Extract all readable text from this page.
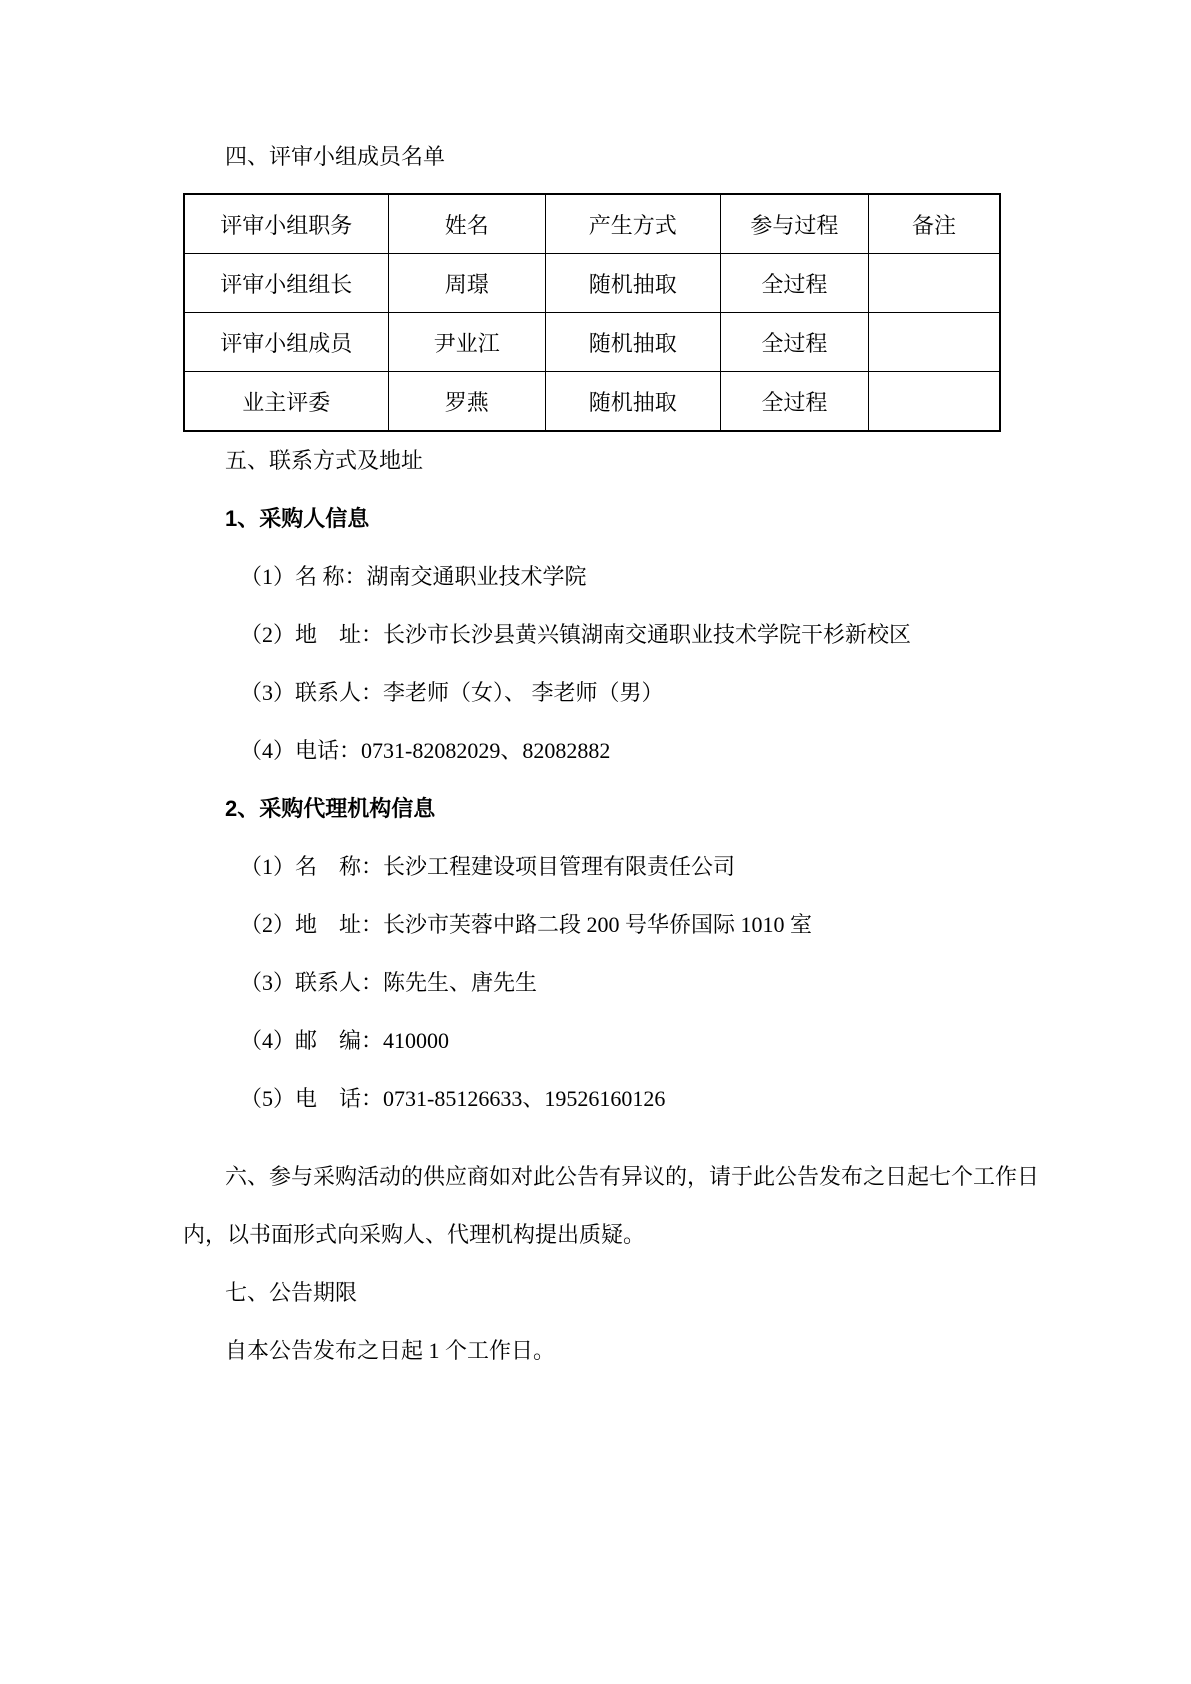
四、评审小组成员名单

评审小组职务	姓名	产生方式	参与过程	备注
评审小组组长	周璟	随机抽取	全过程	
评审小组成员	尹业江	随机抽取	全过程	
业主评委	罗燕	随机抽取	全过程	

五、联系方式及地址

1、采购人信息

（1）名 称：湖南交通职业技术学院

（2）地　址：长沙市长沙县黄兴镇湖南交通职业技术学院干杉新校区

（3）联系人：李老师（女）、 李老师（男）

（4）电话：0731-82082029、82082882

2、采购代理机构信息

（1）名　称：长沙工程建设项目管理有限责任公司

（2）地　址：长沙市芙蓉中路二段 200 号华侨国际 1010 室

（3）联系人：陈先生、唐先生

（4）邮　编：410000

（5）电　话：0731-85126633、19526160126

六、参与采购活动的供应商如对此公告有异议的，请于此公告发布之日起七个工作日内，以书面形式向采购人、代理机构提出质疑。

七、公告期限

自本公告发布之日起 1 个工作日。
